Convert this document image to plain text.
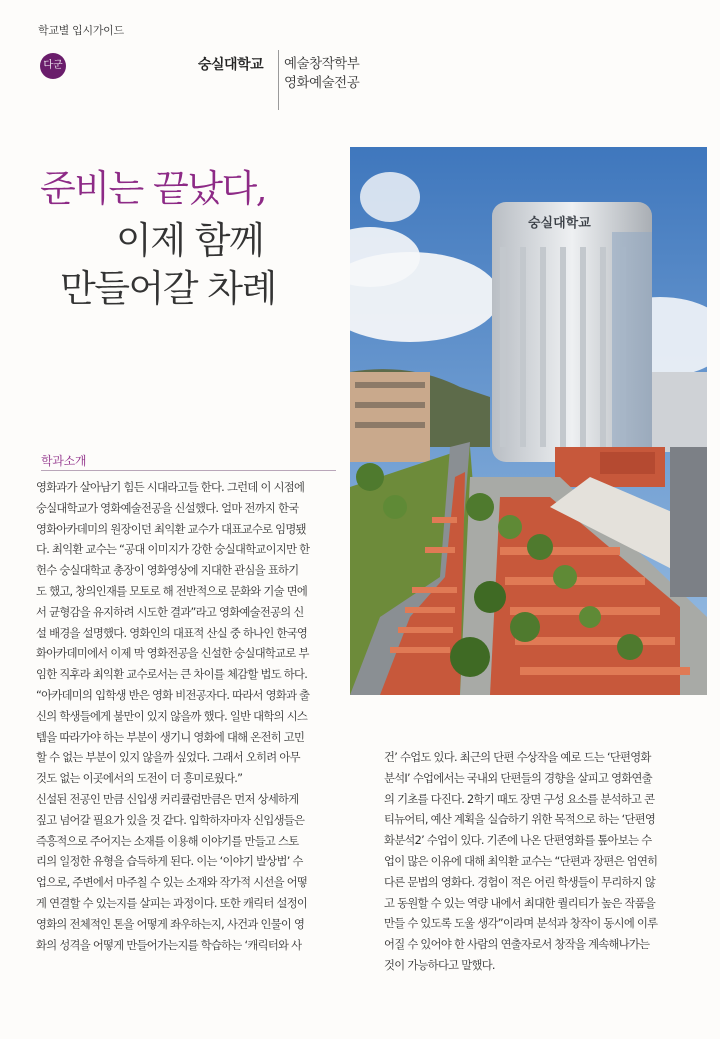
학교별 입시가이드
다군	숭실대학교 예술창작학부
영화예술전공
준비는 끝났다,
이제 함께
만들어갈 차례
숭실대학교
학과소개
영화과가 살아남기 힘든 시대라고들 한다. 그런데 이 시점에
숭실대학교가 영화예술전공을 신설했다. 얼마 전까지 한국
영화아카데미의 원장이던 최익환 교수가 대표교수로 임명됐
다. 최익환 교수는 “공대 이미지가 강한 숭실대학교이지만 한
헌수 숭실대학교 총장이 영화영상에 지대한 관심을 표하기
도 했고, 창의인재를 모토로 해 전반적으로 문화와 기술 면에
서 균형감을 유지하려 시도한 결과”라고 영화예술전공의 신
설 배경을 설명했다. 영화인의 대표적 산실 중 하나인 한국영
화아카데미에서 이제 막 영화전공을 신설한 숭실대학교로 부
임한 직후라 최익환 교수로서는 큰 차이를 체감할 법도 하다.
“아카데미의 입학생 반은 영화 비전공자다. 따라서 영화과 출
신의 학생들에게 불만이 있지 않을까 했다. 일반 대학의 시스
템을 따라가야 하는 부분이 생기니 영화에 대해 온전히 고민
할 수 없는 부분이 있지 않을까 싶었다. 그래서 오히려 아무
것도 없는 이곳에서의 도전이 더 흥미로웠다.”
신설된 전공인 만큼 신입생 커리큘럼만큼은 먼저 상세하게
짚고 넘어갈 필요가 있을 것 같다. 입학하자마자 신입생들은
즉흥적으로 주어지는 소재를 이용해 이야기를 만들고 스토
리의 일정한 유형을 습득하게 된다. 이는 ‘이야기 발상법’ 수
업으로, 주변에서 마주칠 수 있는 소재와 작가적 시선을 어떻
게 연결할 수 있는지를 살피는 과정이다. 또한 캐릭터 설정이
영화의 전체적인 톤을 어떻게 좌우하는지, 사건과 인물이 영
화의 성격을 어떻게 만들어가는지를 학습하는 ‘캐릭터와 사
건’ 수업도 있다. 최근의 단편 수상작을 예로 드는 ‘단편영화
분석Ⅰ’ 수업에서는 국내외 단편들의 경향을 살피고 영화연출
의 기초를 다진다. 2학기 때도 장면 구성 요소를 분석하고 콘
티뉴어티, 예산 계획을 실습하기 위한 목적으로 하는 ‘단편영
화분석2’ 수업이 있다. 기존에 나온 단편영화를 톺아보는 수
업이 많은 이유에 대해 최익환 교수는 “단편과 장편은 엄연히
다른 문법의 영화다. 경험이 적은 어린 학생들이 무리하지 않
고 동원할 수 있는 역량 내에서 최대한 퀄리티가 높은 작품을
만들 수 있도록 도울 생각”이라며 분석과 창작이 동시에 이루
어질 수 있어야 한 사람의 연출자로서 창작을 계속해나가는
것이 가능하다고 말했다.
